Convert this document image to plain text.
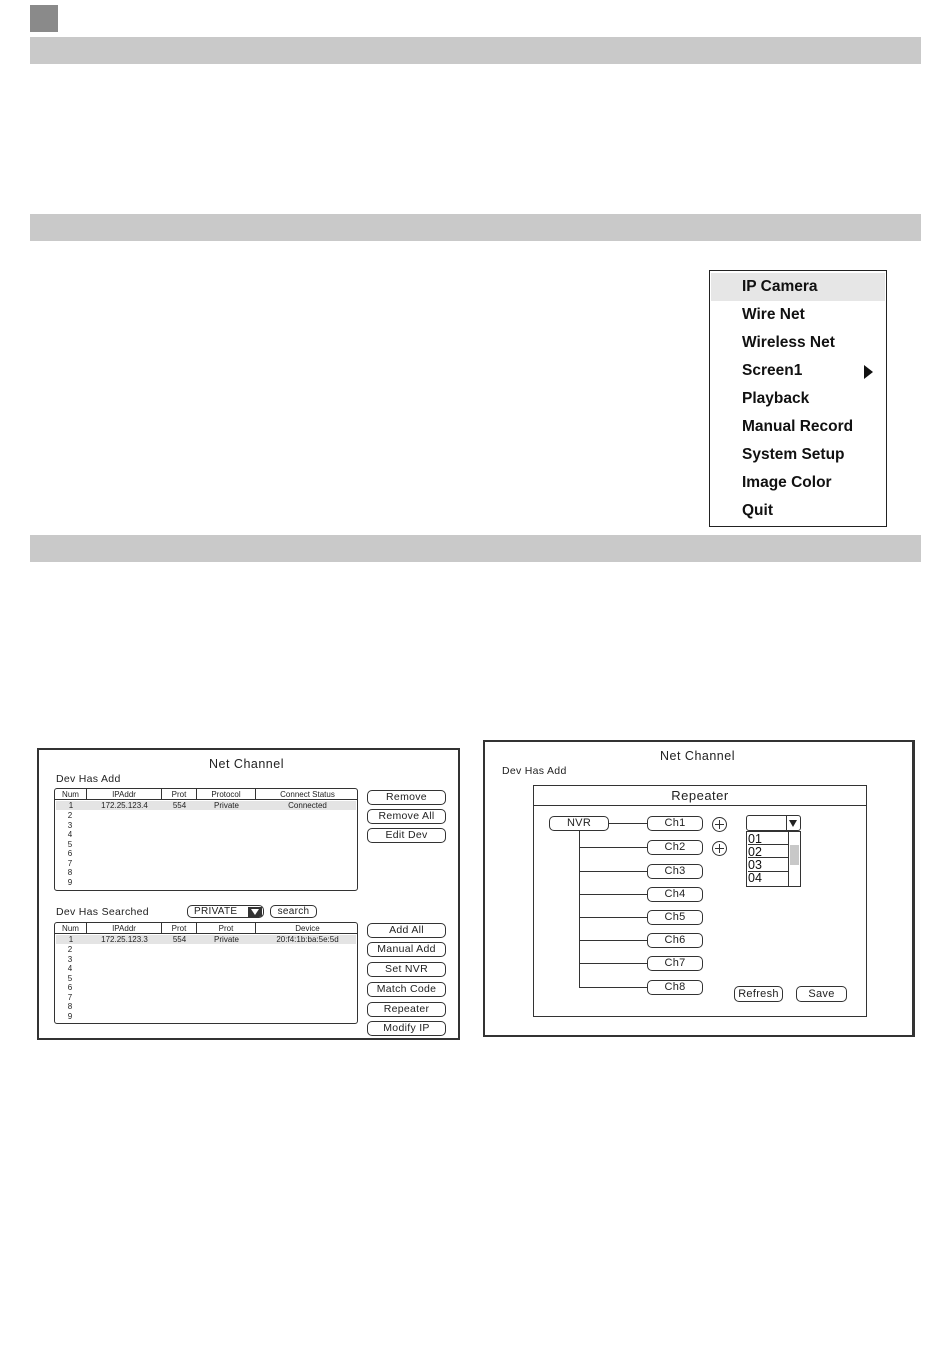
IP Camera
Wire Net
Wireless Net
Screen1
Playback
Manual Record
System Setup
Image Color
Quit
Net Channel
Dev Has Add
Num	IPAddr	Prot	Protocol	Connect Status
1	172.25.123.4	554	Private	Connected
2
3
4
5
6
7
8
9
Remove
Remove All
Edit Dev
Dev Has Searched	PRIVATE	search
Num	IPAddr	Prot	Prot	Device
1	172.25.123.3	554	Private	20:f4:1b:ba:5e:5d
2
3
4
5
6
7
8
9
Add All
Manual Add
Set NVR
Match Code
Repeater
Modify IP
Net Channel
Dev Has Add
Repeater
NVR	Ch1
Ch2
Ch3
Ch4
Ch5
Ch6
Ch7
Ch8
01
02
03
04
Refresh	Save
